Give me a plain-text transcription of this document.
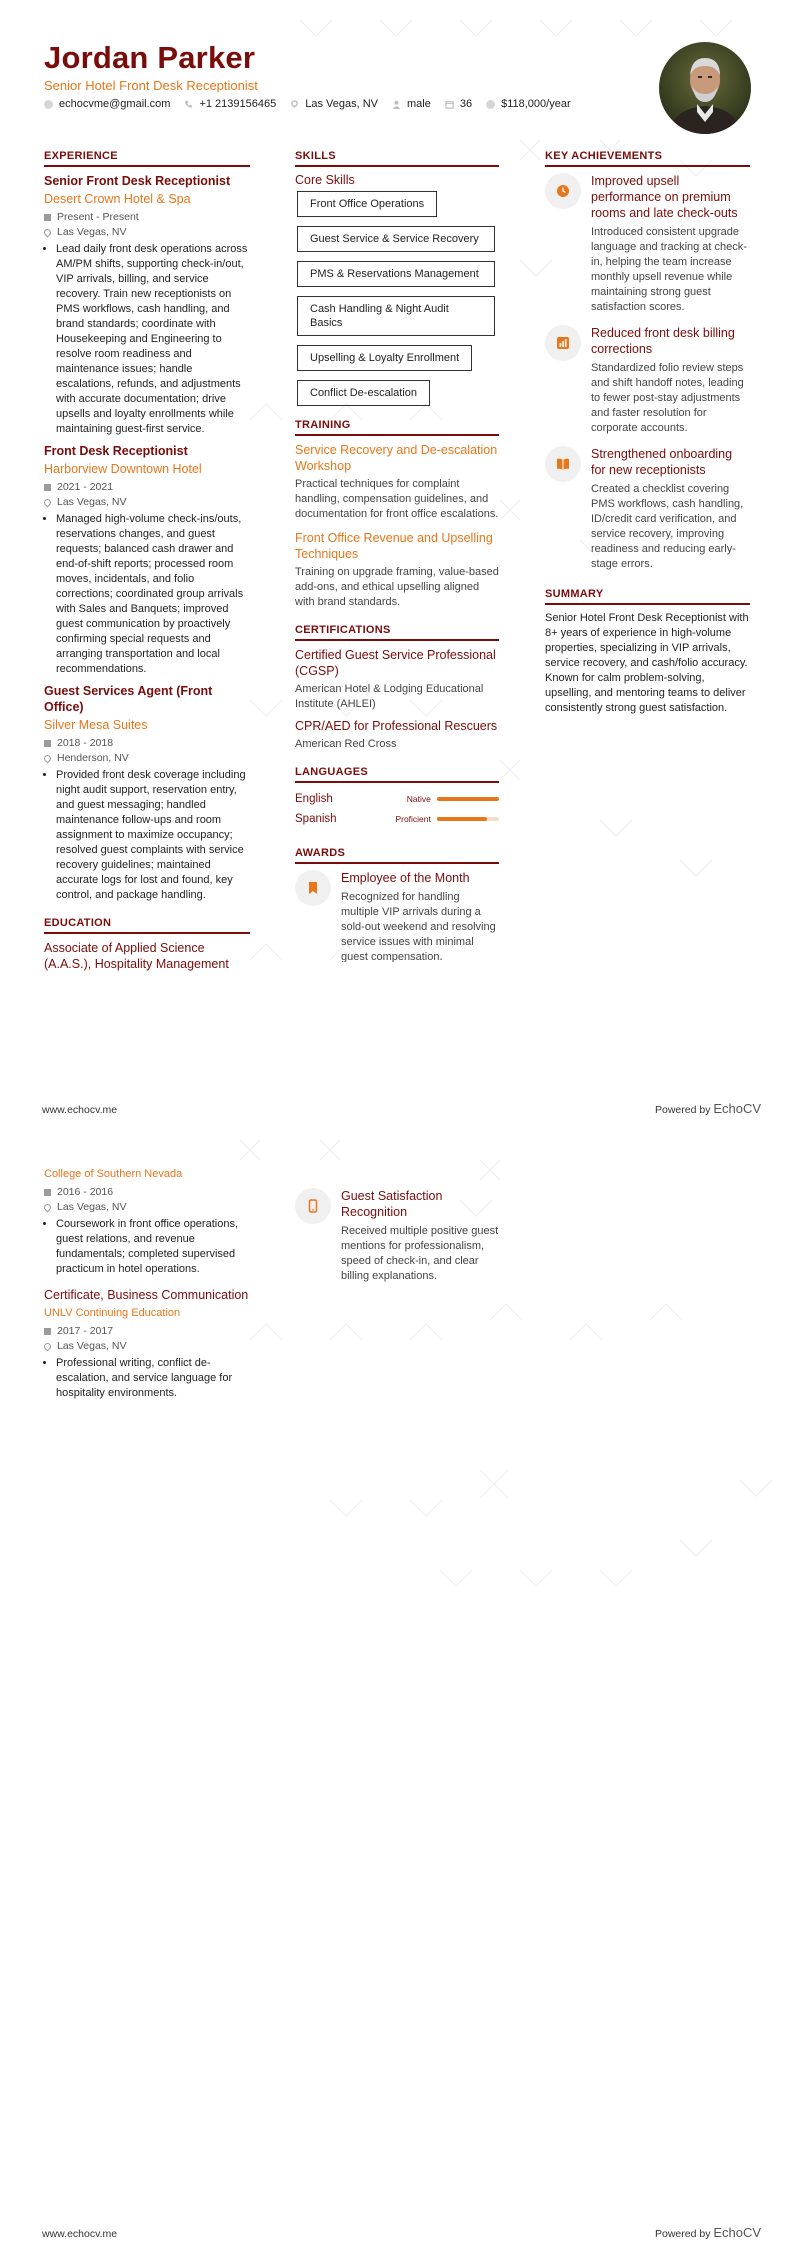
Jordan Parker
Senior Hotel Front Desk Receptionist
echocvme@gmail.com	+1 2139156465	Las Vegas, NV	male	36	$118,000/year
EXPERIENCE
Senior Front Desk Receptionist
Desert Crown Hotel & Spa
Present - Present
Las Vegas, NV
• Lead daily front desk operations across AM/PM shifts, supporting check-in/out, VIP arrivals, billing, and service recovery. Train new receptionists on PMS workflows, cash handling, and brand standards; coordinate with Housekeeping and Engineering to resolve room readiness and maintenance issues; handle escalations, refunds, and adjustments with accurate documentation; drive upsells and loyalty enrollments while maintaining guest-first service.
Front Desk Receptionist
Harborview Downtown Hotel
2021 - 2021
Las Vegas, NV
• Managed high-volume check-ins/outs, reservations changes, and guest requests; balanced cash drawer and end-of-shift reports; processed room moves, incidentals, and folio corrections; coordinated group arrivals with Sales and Banquets; improved guest communication by proactively confirming special requests and arranging transportation and local recommendations.
Guest Services Agent (Front Office)
Silver Mesa Suites
2018 - 2018
Henderson, NV
• Provided front desk coverage including night audit support, reservation entry, and guest messaging; handled maintenance follow-ups and room assignment to maximize occupancy; resolved guest complaints with service recovery guidelines; maintained accurate logs for lost and found, key control, and package handling.
EDUCATION
Associate of Applied Science (A.A.S.), Hospitality Management
SKILLS
Core Skills
Front Office Operations
Guest Service & Service Recovery
PMS & Reservations Management
Cash Handling & Night Audit Basics
Upselling & Loyalty Enrollment
Conflict De-escalation
TRAINING
Service Recovery and De-escalation Workshop
Practical techniques for complaint handling, compensation guidelines, and documentation for front office escalations.
Front Office Revenue and Upselling Techniques
Training on upgrade framing, value-based add-ons, and ethical upselling aligned with brand standards.
CERTIFICATIONS
Certified Guest Service Professional (CGSP)
American Hotel & Lodging Educational Institute (AHLEI)
CPR/AED for Professional Rescuers
American Red Cross
LANGUAGES
English	Native
Spanish	Proficient
AWARDS
Employee of the Month
Recognized for handling multiple VIP arrivals during a sold-out weekend and resolving service issues with minimal guest compensation.
KEY ACHIEVEMENTS
Improved upsell performance on premium rooms and late check-outs
Introduced consistent upgrade language and tracking at check-in, helping the team increase monthly upsell revenue while maintaining strong guest satisfaction scores.
Reduced front desk billing corrections
Standardized folio review steps and shift handoff notes, leading to fewer post-stay adjustments and faster resolution for corporate accounts.
Strengthened onboarding for new receptionists
Created a checklist covering PMS workflows, cash handling, ID/credit card verification, and service recovery, improving readiness and reducing early-stage errors.
SUMMARY
Senior Hotel Front Desk Receptionist with 8+ years of experience in high-volume properties, specializing in VIP arrivals, service recovery, and cash/folio accuracy. Known for calm problem-solving, upselling, and mentoring teams to deliver consistently strong guest satisfaction.
www.echocv.me	Powered by EchoCV
College of Southern Nevada
2016 - 2016
Las Vegas, NV
• Coursework in front office operations, guest relations, and revenue fundamentals; completed supervised practicum in hotel operations.
Certificate, Business Communication
UNLV Continuing Education
2017 - 2017
Las Vegas, NV
• Professional writing, conflict de-escalation, and service language for hospitality environments.
Guest Satisfaction Recognition
Received multiple positive guest mentions for professionalism, speed of check-in, and clear billing explanations.
www.echocv.me	Powered by EchoCV
